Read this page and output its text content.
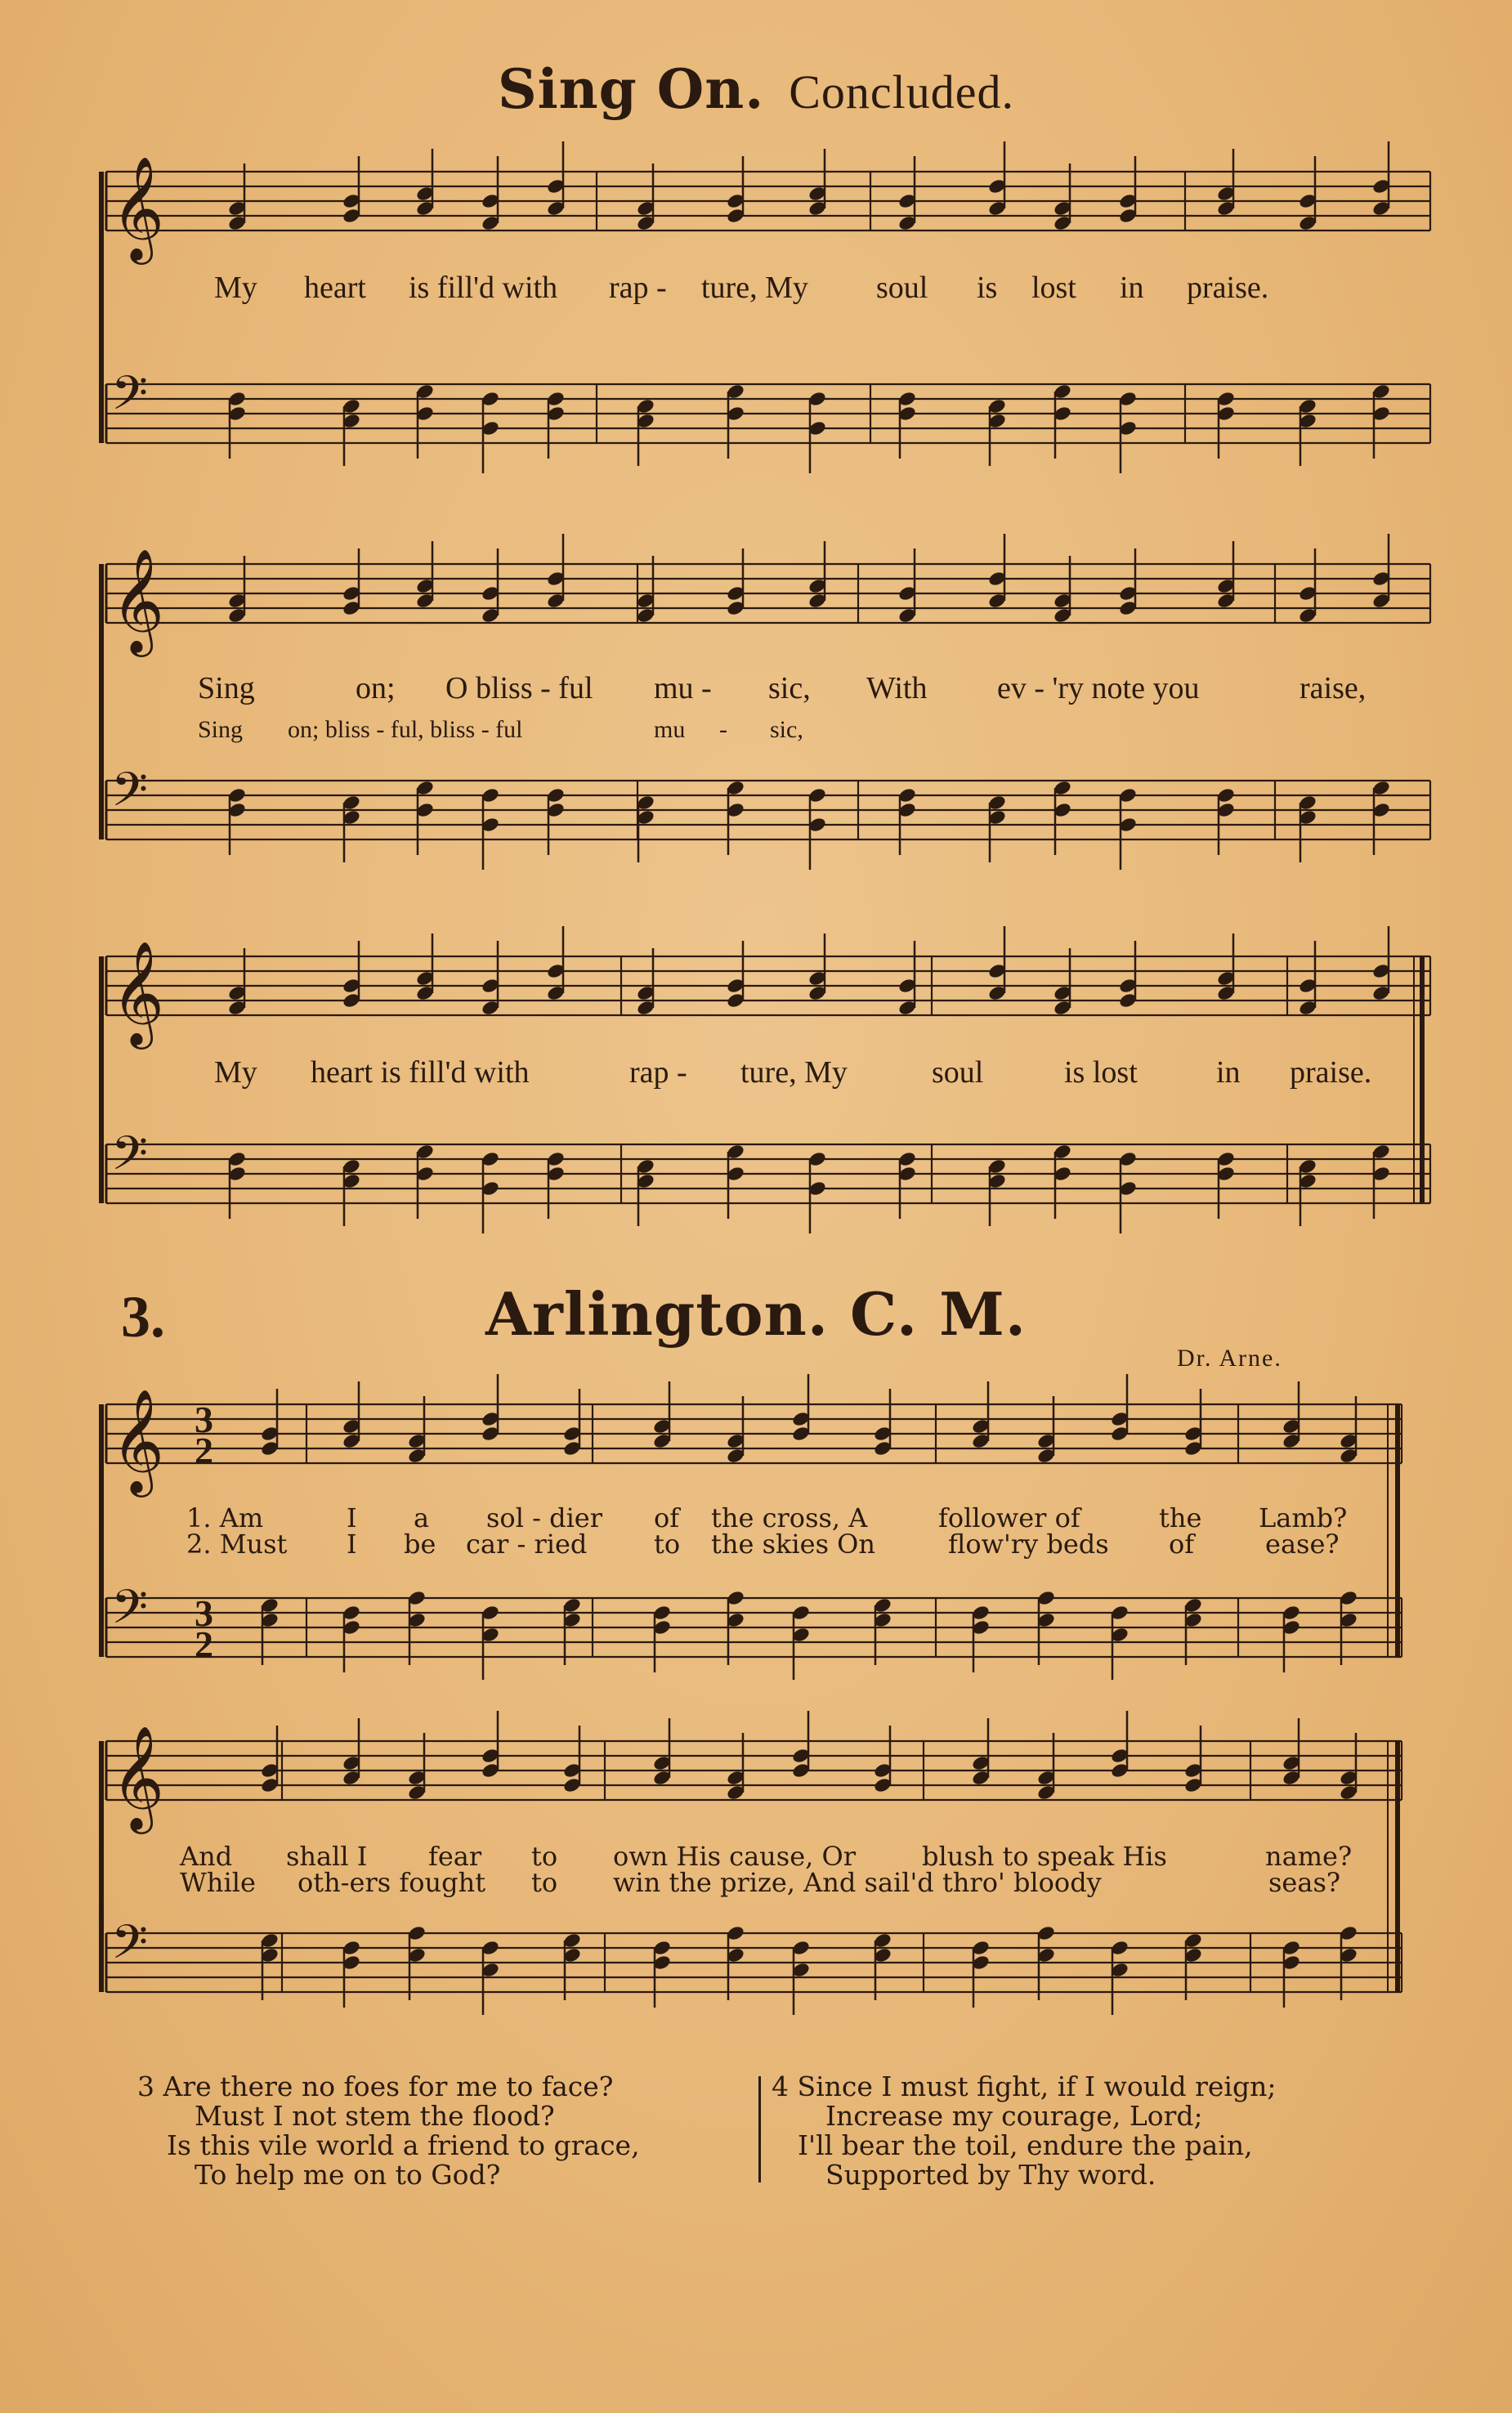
𝄞
𝄢
𝄞
𝄢
𝄞
𝄢
𝄞
𝄢
𝄞
𝄢
3
2
3
2
Sing On. Concluded.
My heart is fill'd with rap - ture, My soul is lost in praise.
Sing	on; O bliss - ful mu - sic, With ev - 'ry note you	raise,
Sing on; bliss - ful, bliss - ful	mu - sic,
My heart is fill'd with	rap - ture, My	soul	is lost	in praise.
3.	Arlington. C. M.
Dr. Arne.
1. Am	I a sol - dier of the cross, A	follower of	the Lamb?
2. Must I be car - ried	to the skies On	flow'ry beds of	ease?
And shall I fear to own His cause, Or	blush to speak His	name?
While oth-ers fought to win the prize, And sail'd thro' bloody	seas?
3 Are there no foes for me to face?
Must I not stem the flood?
Is this vile world a friend to grace,
To help me on to God?
4 Since I must fight, if I would reign;
Increase my courage, Lord;
I'll bear the toil, endure the pain,
Supported by Thy word.
